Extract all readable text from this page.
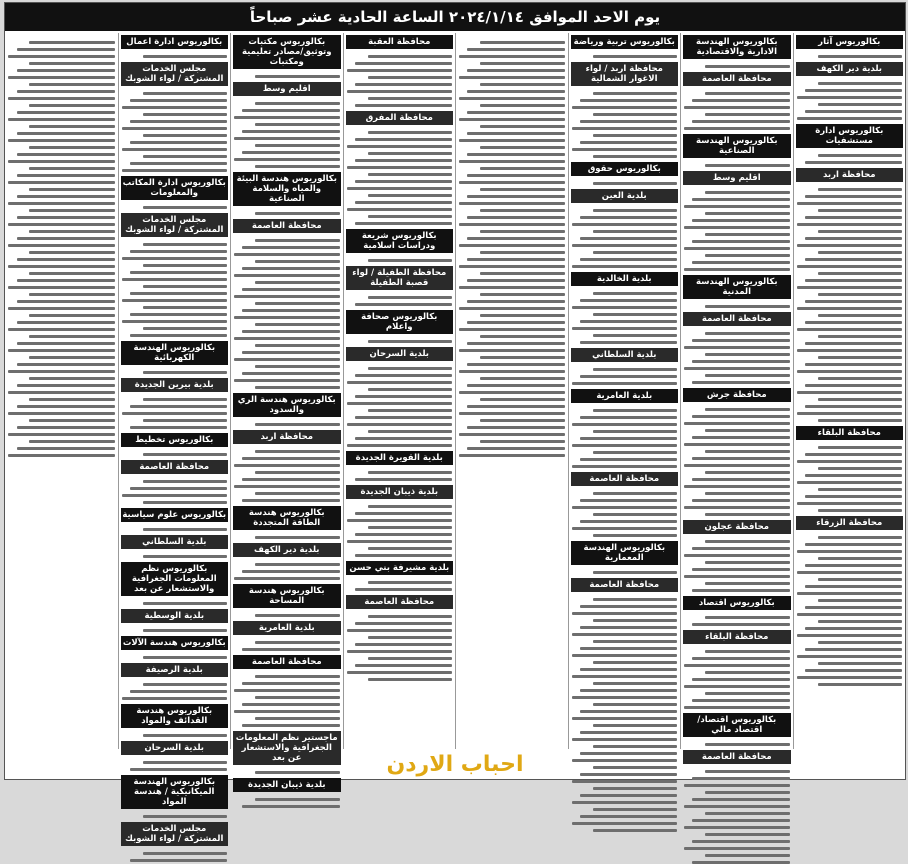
يوم الاحد الموافق ٢٠٢٤/١/١٤ الساعة الحادية عشر صباحاً
بكالوريوس آثار
بلدية دير الكهف
بكالوريوس ادارة مستشفيات
محافظة اربد
محافظة البلقاء
محافظة الزرقاء
بكالوريوس الهندسة الادارية والاقتصادية
محافظة العاصمة
بكالوريوس الهندسة الصناعية
اقليم وسط
بكالوريوس الهندسة المدنية
محافظة العاصمة
محافظة جرش
محافظة عجلون
بكالوريوس اقتصاد
محافظة البلقاء
بكالوريوس اقتصاد/اقتصاد مالي
محافظة العاصمة
بكالوريوس تربية ورياضة
محافظة اربد / لواء الاغوار الشمالية
بكالوريوس حقوق
بلدية العين
بلدية الخالدية
بلدية السلطاني
بلدية العامرية
محافظة العاصمة
بكالوريوس الهندسة المعمارية
محافظة العاصمة
محافظة العقبة
محافظة المفرق
بكالوريوس شريعة ودراسات اسلامية
محافظة الطفيلة / لواء قصبة الطفيلة
بكالوريوس صحافة واعلام
بلدية السرحان
بلدية القويرة الجديدة
بلدية ذيبان الجديدة
بلدية مشيرفة بني حسن
محافظة العاصمة
بكالوريوس مكتبات وتوثيق/مصادر تعليمية ومكتبات
اقليم وسط
بكالوريوس هندسة البيئة والمياه والسلامة الصناعية
محافظة العاصمة
بكالوريوس هندسة الري والسدود
محافظة اربد
بكالوريوس هندسة الطاقة المتجددة
بلدية دير الكهف
بكالوريوس هندسة المساحة
بلدية العامرية
محافظة العاصمة
ماجستير نظم المعلومات الجغرافية والاستشعار عن بعد
بلدية ذيبان الجديدة
بكالوريوس ادارة اعمال
مجلس الخدمات المشتركة / لواء الشوبك
بكالوريوس ادارة المكاتب والمعلومات
مجلس الخدمات المشتركة / لواء الشوبك
بكالوريوس الهندسة الكهربائية
بلدية بيرين الجديدة
بكالوريوس تخطيط
محافظة العاصمة
بكالوريوس علوم سياسية
بلدية السلطاني
بكالوريوس نظم المعلومات الجغرافية والاستشعار عن بعد
بلدية الوسطية
بكالوريوس هندسة الآلات
بلدية الرصيفة
بكالوريوس هندسة القدائف والمواد
بلدية السرحان
بكالوريوس الهندسة الميكانيكية / هندسة المواد
مجلس الخدمات المشتركة / لواء الشوبك
احباب الاردن
